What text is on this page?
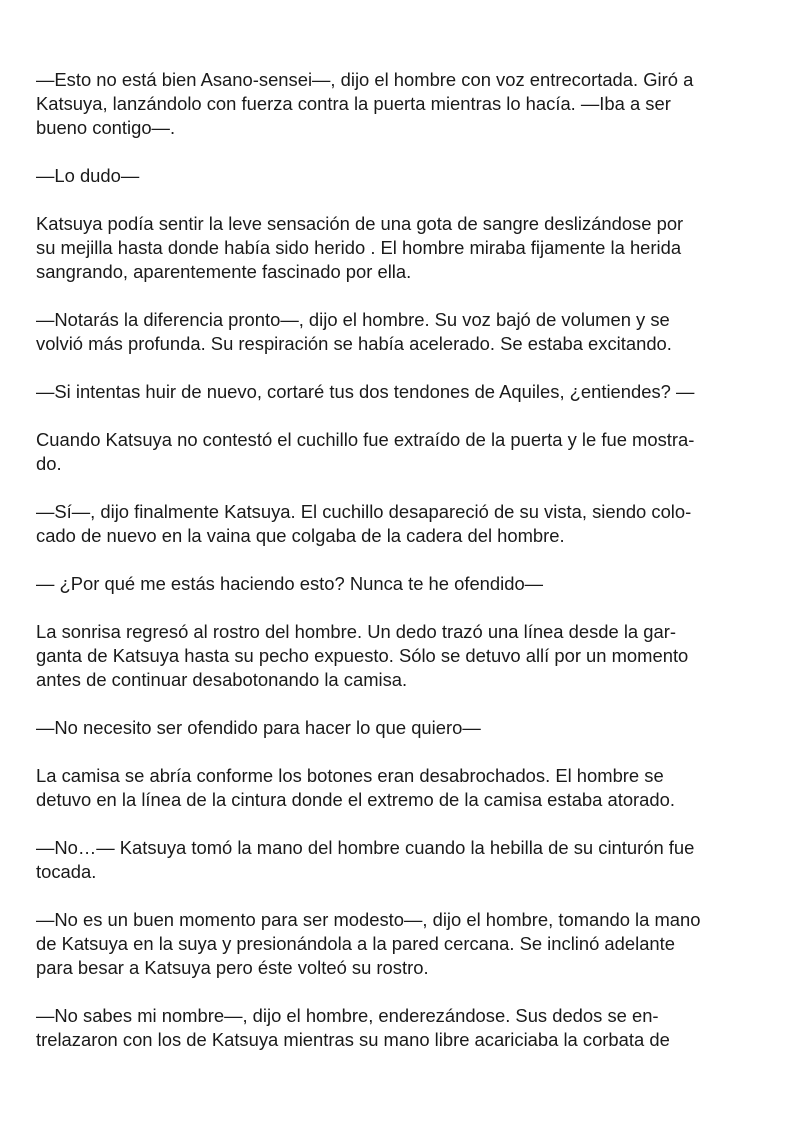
—Esto no está bien Asano-sensei—, dijo el hombre con voz entrecortada. Giró a
Katsuya, lanzándolo con fuerza contra la puerta mientras lo hacía. —Iba a ser
bueno contigo—.

—Lo dudo—

Katsuya podía sentir la leve sensación de una gota de sangre deslizándose por
su mejilla hasta donde había sido herido . El hombre miraba fijamente la herida
sangrando, aparentemente fascinado por ella.

—Notarás la diferencia pronto—, dijo el hombre. Su voz bajó de volumen y se
volvió más profunda. Su respiración se había acelerado. Se estaba excitando.

—Si intentas huir de nuevo, cortaré tus dos tendones de Aquiles, ¿entiendes? —

Cuando Katsuya no contestó el cuchillo fue extraído de la puerta y le fue mostra-
do.

—Sí—, dijo finalmente Katsuya. El cuchillo desapareció de su vista, siendo colo-
cado de nuevo en la vaina que colgaba de la cadera del hombre.

— ¿Por qué me estás haciendo esto? Nunca te he ofendido—

La sonrisa regresó al rostro del hombre. Un dedo trazó una línea desde la gar-
ganta de Katsuya hasta su pecho expuesto. Sólo se detuvo allí por un momento
antes de continuar desabotonando la camisa.

—No necesito ser ofendido para hacer lo que quiero—

La camisa se abría conforme los botones eran desabrochados. El hombre se
detuvo en la línea de la cintura donde el extremo de la camisa estaba atorado.

—No…— Katsuya tomó la mano del hombre cuando la hebilla de su cinturón fue
tocada.

—No es un buen momento para ser modesto—, dijo el hombre, tomando la mano
de Katsuya en la suya y presionándola a la pared cercana. Se inclinó adelante
para besar a Katsuya pero éste volteó su rostro.

—No sabes mi nombre—, dijo el hombre, enderezándose. Sus dedos se en-
trelazaron con los de Katsuya mientras su mano libre acariciaba la corbata de
